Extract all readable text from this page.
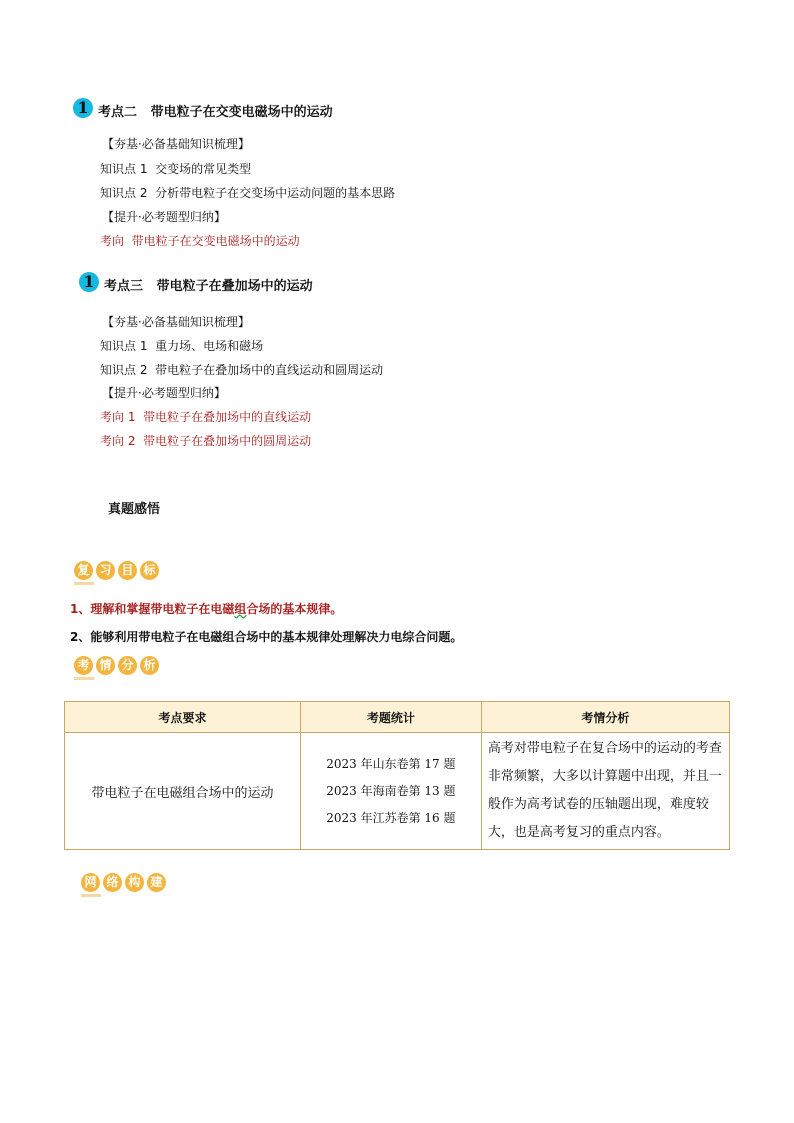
1 考点二   带电粒子在交变电磁场中的运动
【夯基·必备基础知识梳理】
知识点 1  交变场的常见类型
知识点 2  分析带电粒子在交变场中运动问题的基本思路
【提升·必考题型归纳】
考向  带电粒子在交变电磁场中的运动
1 考点三   带电粒子在叠加场中的运动
【夯基·必备基础知识梳理】
知识点 1  重力场、电场和磁场
知识点 2  带电粒子在叠加场中的直线运动和圆周运动
【提升·必考题型归纳】
考向 1  带电粒子在叠加场中的直线运动
考向 2  带电粒子在叠加场中的圆周运动
真题感悟
复 习 目 标
1、理解和掌握带电粒子在电磁组合场的基本规律。
2、能够利用带电粒子在电磁组合场中的基本规律处理解决力电综合问题。
考 情 分 析
考点要求	考题统计	考情分析
带电粒子在电磁组合场中的运动	2023 年山东卷第 17 题
2023 年海南卷第 13 题
2023 年江苏卷第 16 题	高考对带电粒子在复合场中的运动的考查非常频繁，大多以计算题中出现，并且一般作为高考试卷的压轴题出现，难度较大，也是高考复习的重点内容。
网 络 构 建
